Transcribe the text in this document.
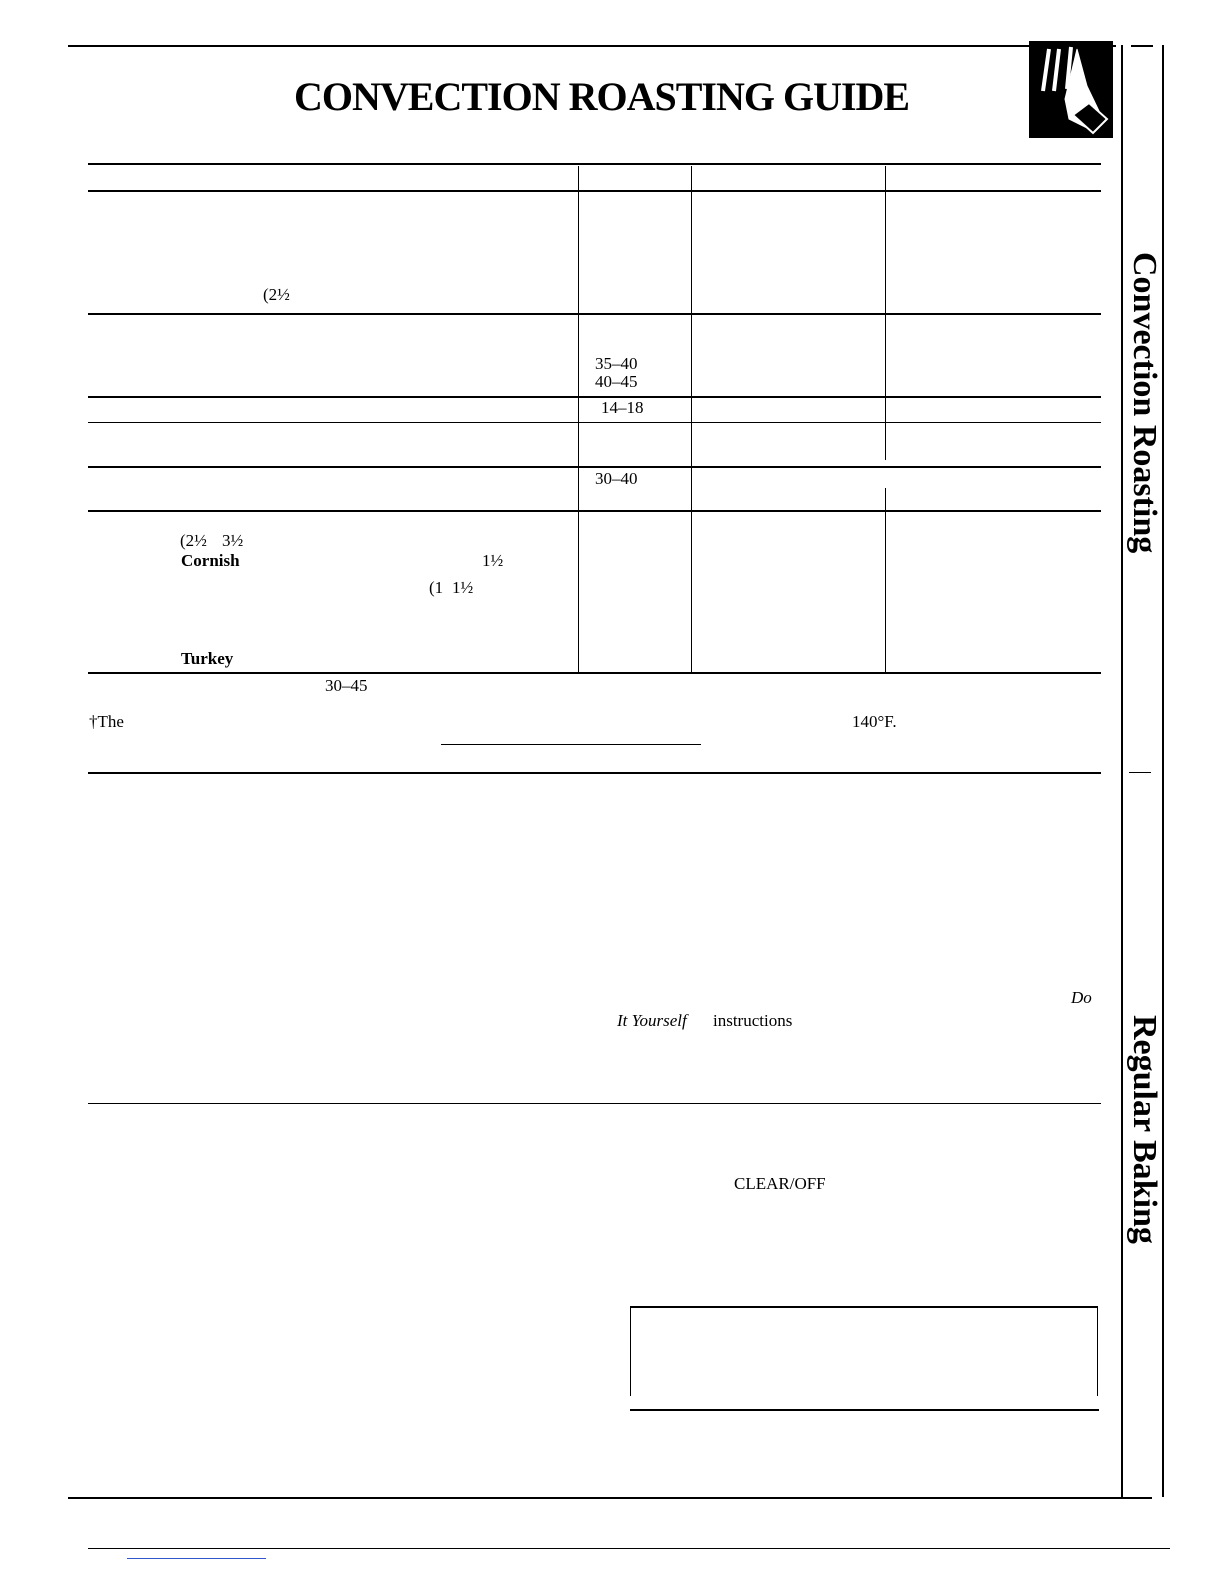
CONVECTION ROASTING GUIDE
Convection Roasting
Regular Baking
(2½
35–40
40–45
14–18
30–40
(2½ 3½
Cornish	1½
(1 1½
Turkey
30–45
†The	140°F.
Do
It Yourself instructions
CLEAR/OFF
